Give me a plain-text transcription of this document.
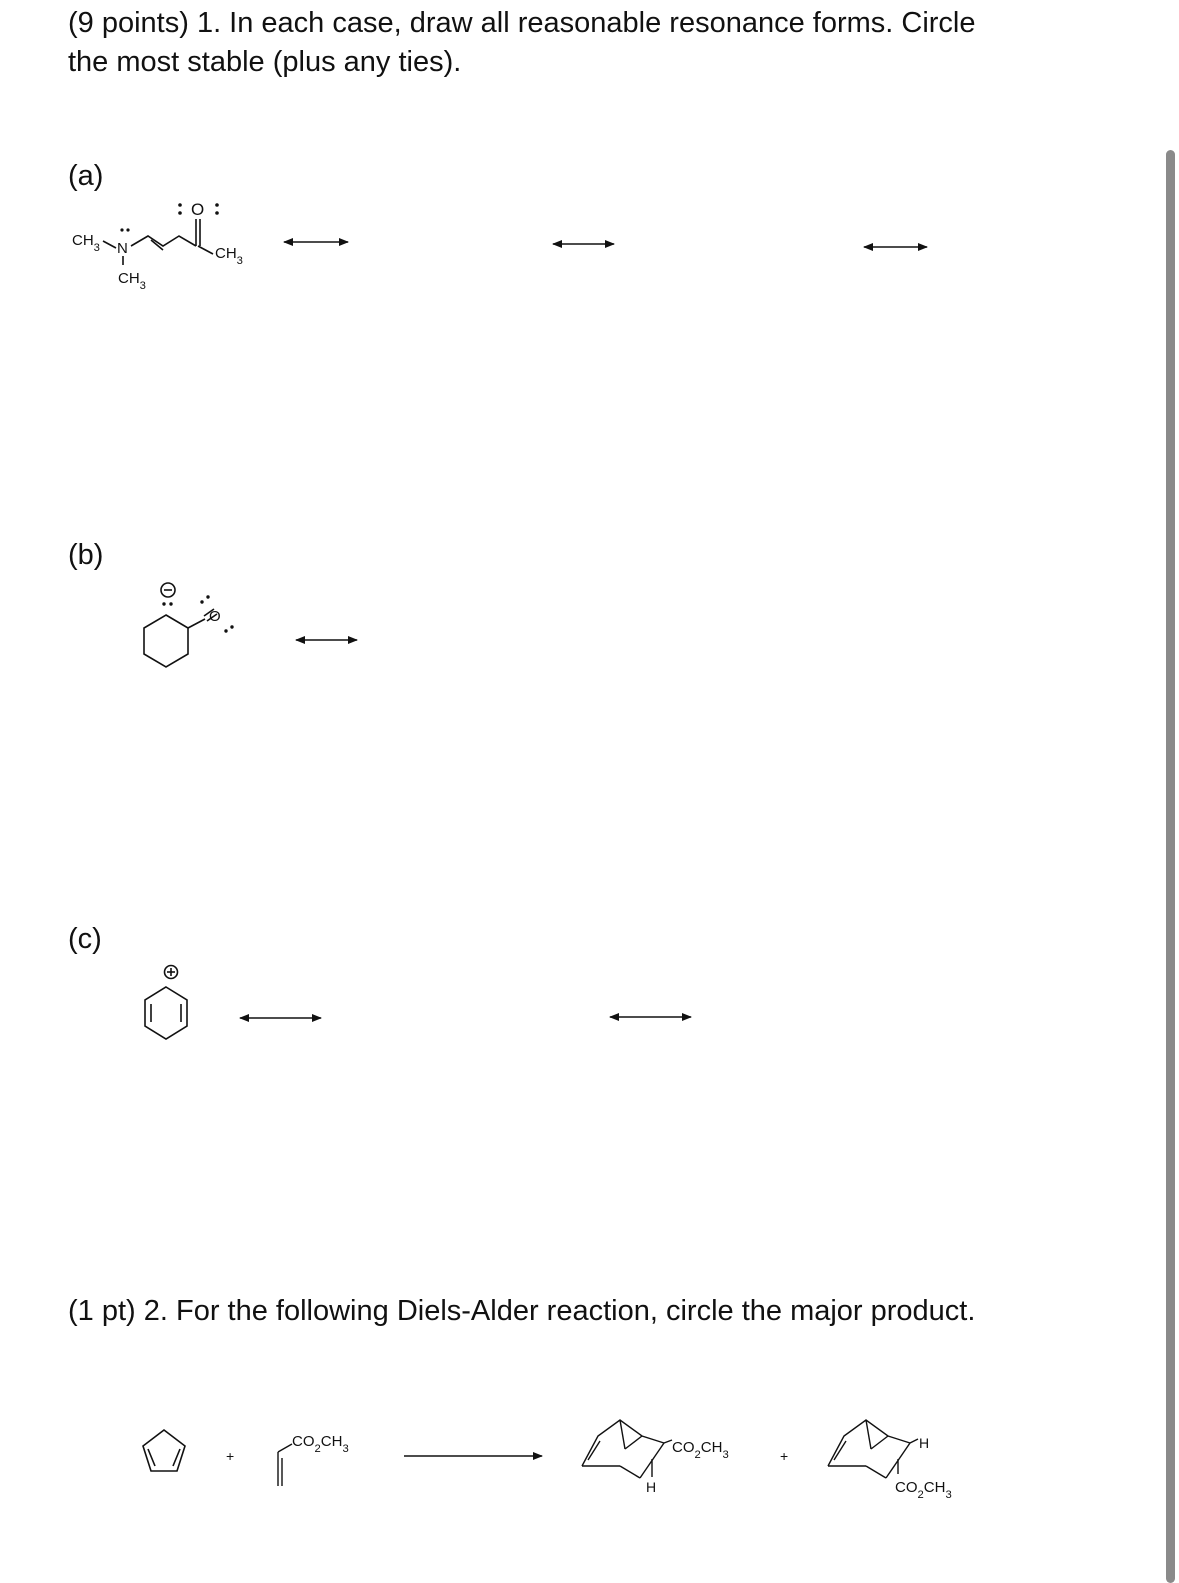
(9 points) 1. In each case, draw all reasonable resonance forms. Circle

the most stable (plus any ties).

(a)
(b)
(c)

(1 pt) 2. For the following Diels-Alder reaction, circle the major product.

$CH_3$ N
$CH_3$
O
$CH_3$
O
+
$CO_2CH_3$	$CO_2CH_3$
H
+
H
$CO_2CH_3$
